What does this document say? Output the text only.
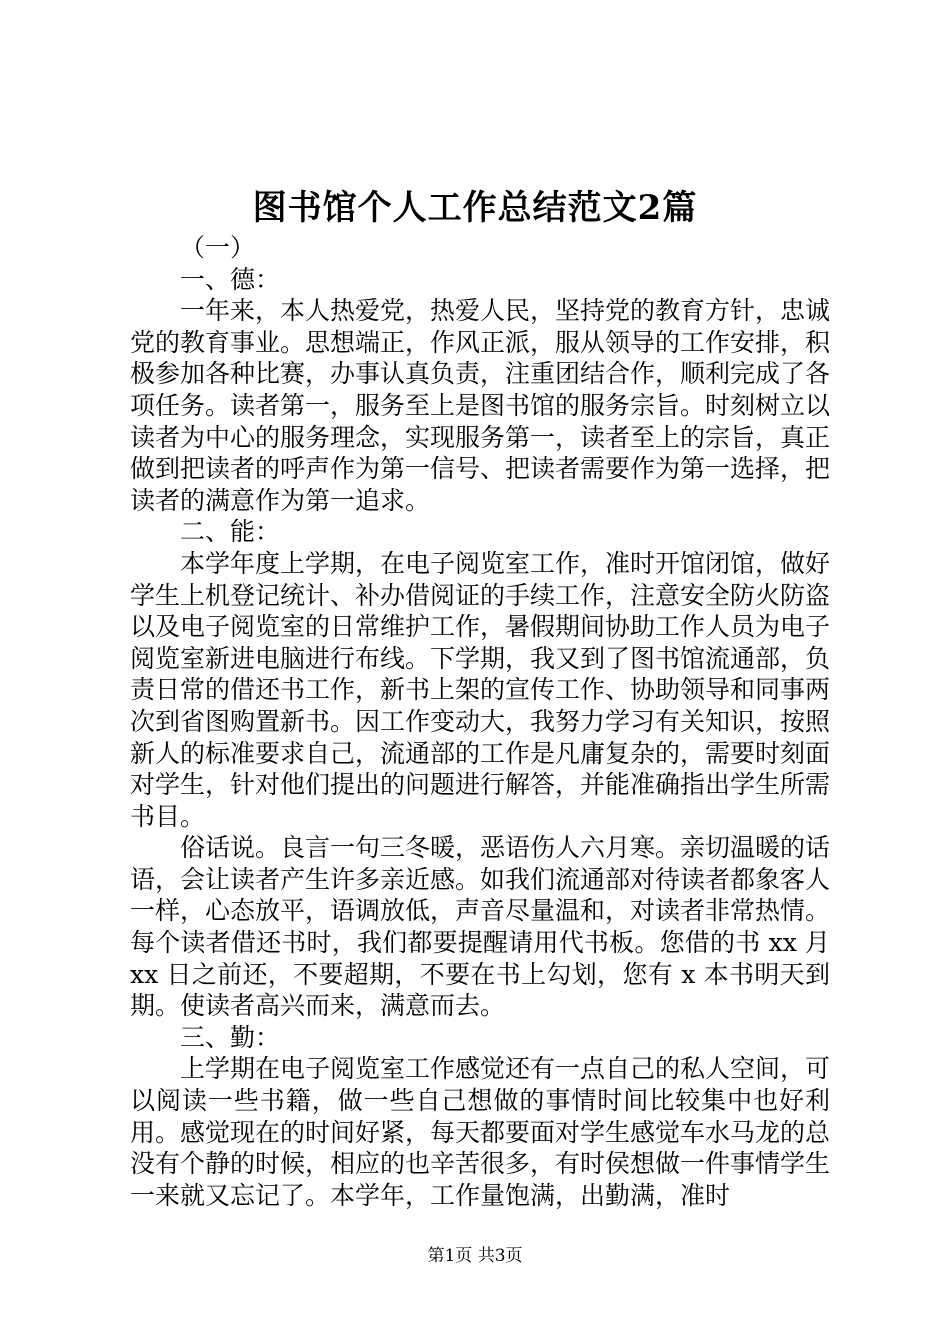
图书馆个人工作总结范文2篇

（一）

一、德：

一年来，本人热爱党，热爱人民，坚持党的教育方针，忠诚党的教育事业。思想端正，作风正派，服从领导的工作安排，积极参加各种比赛，办事认真负责，注重团结合作，顺利完成了各项任务。读者第一，服务至上是图书馆的服务宗旨。时刻树立以读者为中心的服务理念，实现服务第一，读者至上的宗旨，真正做到把读者的呼声作为第一信号、把读者需要作为第一选择，把读者的满意作为第一追求。

二、能：

本学年度上学期，在电子阅览室工作，准时开馆闭馆，做好学生上机登记统计、补办借阅证的手续工作，注意安全防火防盗以及电子阅览室的日常维护工作，暑假期间协助工作人员为电子阅览室新进电脑进行布线。下学期，我又到了图书馆流通部，负责日常的借还书工作，新书上架的宣传工作、协助领导和同事两次到省图购置新书。因工作变动大，我努力学习有关知识，按照新人的标准要求自己，流通部的工作是凡庸复杂的，需要时刻面对学生，针对他们提出的问题进行解答，并能准确指出学生所需书目。

俗话说。良言一句三冬暖，恶语伤人六月寒。亲切温暖的话语，会让读者产生许多亲近感。如我们流通部对待读者都象客人一样，心态放平，语调放低，声音尽量温和，对读者非常热情。每个读者借还书时，我们都要提醒请用代书板。您借的书 xx 月 xx 日之前还，不要超期，不要在书上勾划，您有 x 本书明天到期。使读者高兴而来，满意而去。

三、勤：

上学期在电子阅览室工作感觉还有一点自己的私人空间，可以阅读一些书籍，做一些自己想做的事情时间比较集中也好利用。感觉现在的时间好紧，每天都要面对学生感觉车水马龙的总没有个静的时候，相应的也辛苦很多，有时侯想做一件事情学生一来就又忘记了。本学年，工作量饱满，出勤满，准时

第1页 共3页
